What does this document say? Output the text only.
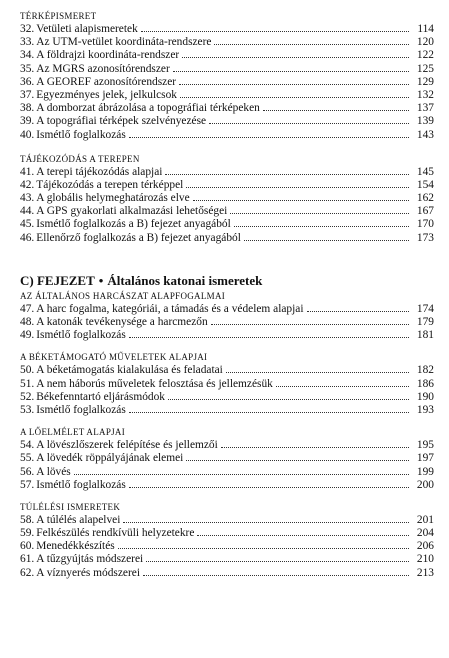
TÉRKÉPISMERET
32. Vetületi alapismeretek	114
33. Az UTM-vetület koordináta-rendszere	120
34. A földrajzi koordináta-rendszer	122
35. Az MGRS azonosítórendszer	125
36. A GEOREF azonosítórendszer	129
37. Egyezményes jelek, jelkulcsok	132
38. A domborzat ábrázolása a topográfiai térképeken	137
39. A topográfiai térképek szelvényezése	139
40. Ismétlő foglalkozás	143
TÁJÉKOZÓDÁS A TEREPEN
41. A terepi tájékozódás alapjai	145
42. Tájékozódás a terepen térképpel	154
43. A globális helymeghatározás elve	162
44. A GPS gyakorlati alkalmazási lehetőségei	167
45. Ismétlő foglalkozás a B) fejezet anyagából	170
46. Ellenőrző foglalkozás a B) fejezet anyagából	173
C) FEJEZET • Általános katonai ismeretek
AZ ÁLTALÁNOS HARCÁSZAT ALAPFOGALMAI
47. A harc fogalma, kategóriái, a támadás és a védelem alapjai	174
48. A katonák tevékenysége a harcmezőn	179
49. Ismétlő foglalkozás	181
A BÉKETÁMOGATÓ MŰVELETEK ALAPJAI
50. A béketámogatás kialakulása és feladatai	182
51. A nem háborús műveletek felosztása és jellemzésük	186
52. Békefenntartó eljárásmódok	190
53. Ismétlő foglalkozás	193
A LŐELMÉLET ALAPJAI
54. A lövészlőszerek felépítése és jellemzői	195
55. A lövedék röppályájának elemei	197
56. A lövés	199
57. Ismétlő foglalkozás	200
TÚLÉLÉSI ISMERETEK
58. A túlélés alapelvei	201
59. Felkészülés rendkívüli helyzetekre	204
60. Menedékkészítés	206
61. A tűzgyújtás módszerei	210
62. A víznyerés módszerei	213
